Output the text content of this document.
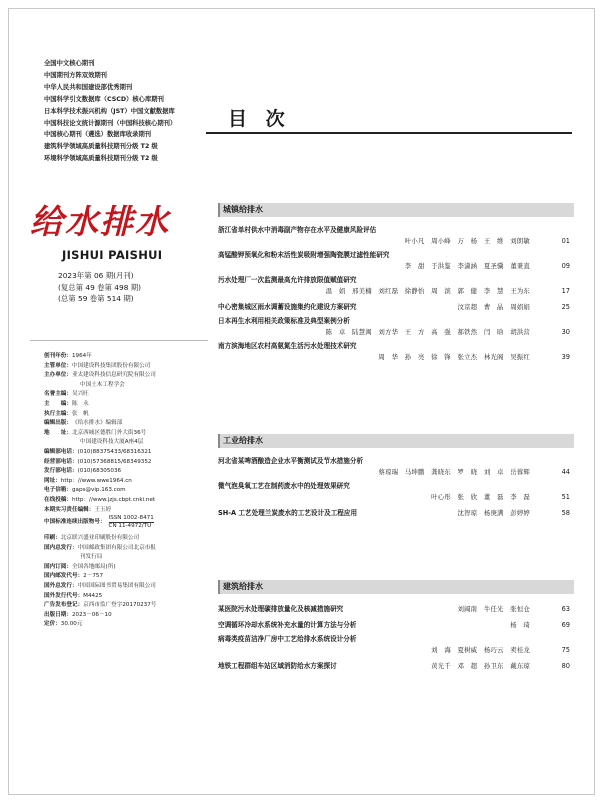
全国中文核心期刊
中国期刊方阵双效期刊
中华人民共和国建设部优秀期刊
中国科学引文数据库（CSCD）核心库期刊
日本科学技术振兴机构（JST）中国文献数据库
中国科技论文统计源期刊（中国科技核心期刊）
中国核心期刊（遴选）数据库收录期刊
建筑科学领域高质量科技期刊分级 T2 级
环境科学领域高质量科技期刊分级 T2 级
给水排水
JISHUI PAISHUI
2023年第 06 期(月刊)
(复总第 49 卷第 498 期)
(总第 59 卷第 514 期)
创刊年份： 1964年
主管单位： 中国建设科技集团股份有限公司
主办单位： 亚太建设科技信息研究院有限公司
中国土木工程学会
名誉主编： 吴兴旺
主　　编： 陈　永
执行主编： 张　帆
编辑出版： 《给水排水》编辑部
地　　址： 北京西城区德胜门外大街36号
中国建设科技大厦A座4层
编辑部电话： (010)88375433/68316321
经营部电话： (010)57368815/68349352
发行部电话： (010)68305036
网址： http：//www.wwe1964.cn
电子信箱： gaps@vip.163.com
在线投稿： http：//www.jzjs.cbpt.cnki.net
本期实习责任编辑： 王玉婷
中国标准连续出版物号：
ISSN 1002-8471
CN 11-4972/TU
印刷： 北京联兴盛业印刷股份有限公司
国内总发行： 中国邮政集团有限公司北京市报
刊发行局
国内订阅： 全国各地邮局(所)
国内邮发代号： 2－757
国外总发行： 中国国际图书贸易集团有限公司
国外发行代号： M4425
广告发布登记： 京西市监广登字20170237号
出版日期： 2023－06－10
定价： 30.00元
目 次
城镇给排水
浙江省单村供水中消毒副产物存在水平及健康风险评估
叶小凡　周小峰　万　杨　王　维　刘朗敏	01
高锰酸钾预氧化和粉末活性炭吸附增强陶瓷膜过滤性能研究
李　甜　于洪鉴　李潇涵　夏圣骥　董秉直	09
污水处理厂一次监测最高允许排放限值赋值研究
温　娟　邢美楠　刘红磊　徐静怡　周　滨　郭　健　李　慧　王为东	17
中心密集城区雨水调蓄设施集约化建设方案研究	汶京超　曹　晶　周娟娟	25
日本再生水利用相关政策标准及典型案例分析
陈　卓　陆慧闽　刘方华　王　方　高　强　郝铁然　闫　晗　胡洪营	30
南方滨海地区农村高氨氮生活污水处理技术研究
周　华　孙　亮　徐　锋　张立杰　林光阁　吴振红	39
工业给排水
河北省某啤酒酿造企业水平衡测试及节水措施分析
蔡琼瑞　马坤鹏　龚晓东　罗　晓　刘　卓　岳蓉辉	44
微气泡臭氧工艺在制药废水中的处理效果研究
叶心彤　张　欣　董　磊　李　磊	51
SH-A 工艺处理兰炭废水的工艺设计及工程应用	沈智琼　杨庚满　彭婷婷	58
建筑给排水
某医院污水处理碳排放量化及核减措施研究	刘阔南　牛任光　张恒仓	63
空调循环冷却水系统补充水量的计算方法与分析	杨　琦	69
病毒类疫苗洁净厂房中工艺给排水系统设计分析
刘　海　夏树威　杨巧云　卖桂龙	75
地铁工程群组车站区域消防给水方案探讨	黄光千　邓　超　孙卫东　戴东琼	80
